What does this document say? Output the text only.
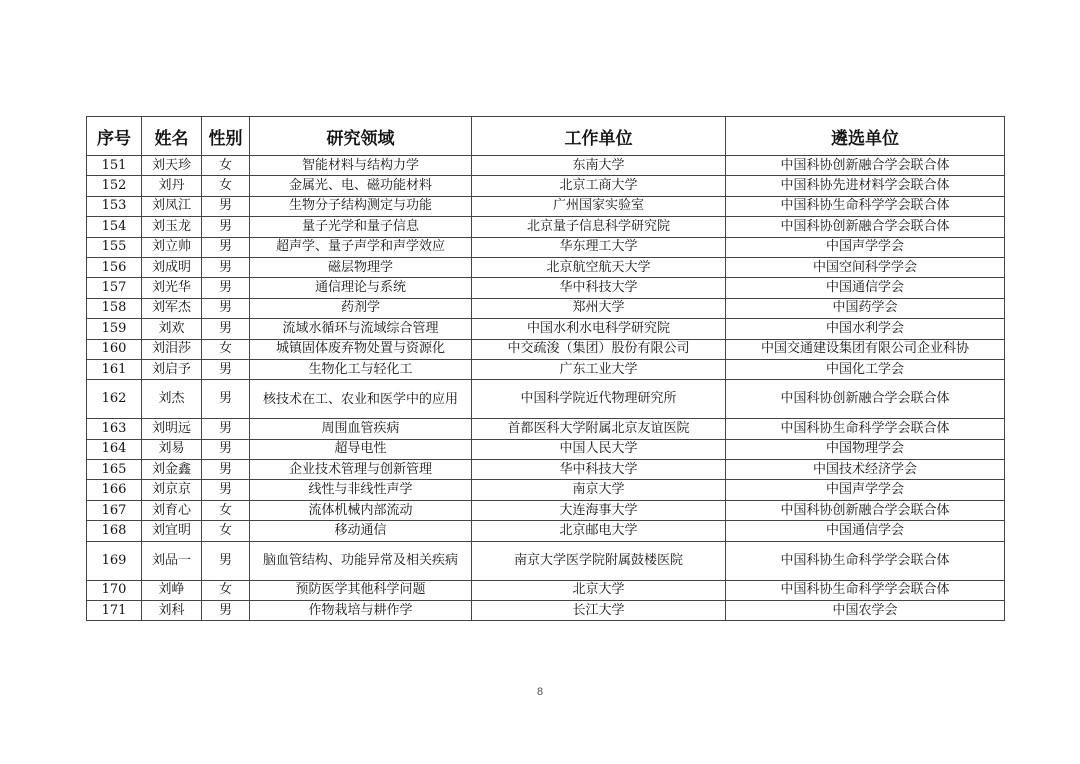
序号	姓名	性别	研究领域	工作单位	遴选单位
151	刘天珍	女	智能材料与结构力学	东南大学	中国科协创新融合学会联合体
152	刘丹	女	金属光、电、磁功能材料	北京工商大学	中国科协先进材料学会联合体
153	刘凤江	男	生物分子结构测定与功能	广州国家实验室	中国科协生命科学学会联合体
154	刘玉龙	男	量子光学和量子信息	北京量子信息科学研究院	中国科协创新融合学会联合体
155	刘立帅	男	超声学、量子声学和声学效应	华东理工大学	中国声学学会
156	刘成明	男	磁层物理学	北京航空航天大学	中国空间科学学会
157	刘光华	男	通信理论与系统	华中科技大学	中国通信学会
158	刘军杰	男	药剂学	郑州大学	中国药学会
159	刘欢	男	流域水循环与流域综合管理	中国水利水电科学研究院	中国水利学会
160	刘泪莎	女	城镇固体废弃物处置与资源化	中交疏浚（集团）股份有限公司	中国交通建设集团有限公司企业科协
161	刘启予	男	生物化工与轻化工	广东工业大学	中国化工学会
162	刘杰	男	核技术在工、农业和医学中的应用	中国科学院近代物理研究所	中国科协创新融合学会联合体
163	刘明远	男	周围血管疾病	首都医科大学附属北京友谊医院	中国科协生命科学学会联合体
164	刘易	男	超导电性	中国人民大学	中国物理学会
165	刘金鑫	男	企业技术管理与创新管理	华中科技大学	中国技术经济学会
166	刘京京	男	线性与非线性声学	南京大学	中国声学学会
167	刘育心	女	流体机械内部流动	大连海事大学	中国科协创新融合学会联合体
168	刘宜明	女	移动通信	北京邮电大学	中国通信学会
169	刘品一	男	脑血管结构、功能异常及相关疾病	南京大学医学院附属鼓楼医院	中国科协生命科学学会联合体
170	刘峥	女	预防医学其他科学问题	北京大学	中国科协生命科学学会联合体
171	刘科	男	作物栽培与耕作学	长江大学	中国农学会
8
